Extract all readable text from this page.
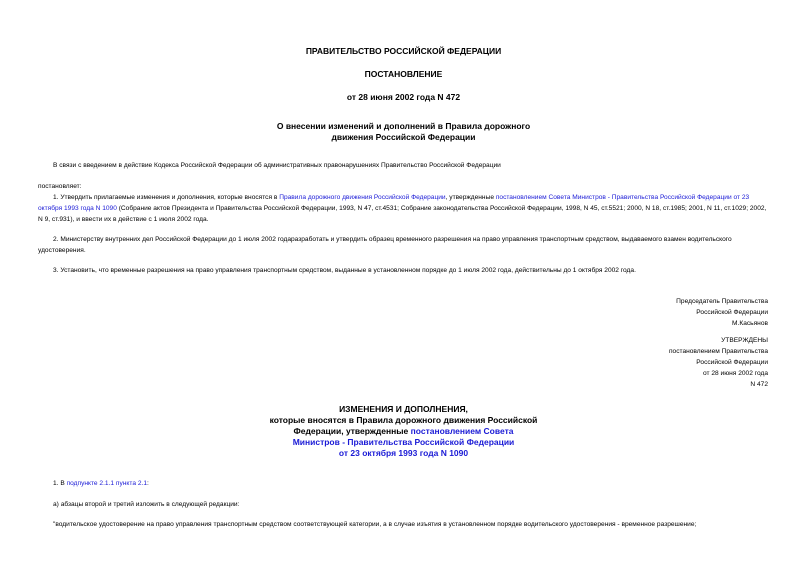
ПРАВИТЕЛЬСТВО РОССИЙСКОЙ ФЕДЕРАЦИИ
ПОСТАНОВЛЕНИЕ
от 28 июня 2002 года N 472
О внесении изменений и дополнений в Правила дорожного
движения Российской Федерации
В связи с введением в действие Кодекса Российской Федерации об административных правонарушениях Правительство Российской Федерации
постановляет:
1. Утвердить прилагаемые изменения и дополнения, которые вносятся в Правила дорожного движения Российской Федерации, утвержденные постановлением Совета Министров - Правительства Российской Федерации от 23 октября 1993 года N 1090 (Собрание актов Президента и Правительства Российской Федерации, 1993, N 47, ст.4531; Собрание законодательства Российской Федерации, 1998, N 45, ст.5521; 2000, N 18, ст.1985; 2001, N 11, ст.1029; 2002, N 9, ст.931), и ввести их в действие с 1 июля 2002 года.
2. Министерству внутренних дел Российской Федерации до 1 июля 2002 годаразработать и утвердить образец временного разрешения на право управления транспортным средством, выдаваемого взамен водительского удостоверения.
3. Установить, что временные разрешения на право управления транспортным средством, выданные в установленном порядке до 1 июля 2002 года, действительны до 1 октября 2002 года.
Председатель Правительства
Российской Федерации
М.Касьянов
УТВЕРЖДЕНЫ
постановлением Правительства
Российской Федерации
от 28 июня 2002 года
N 472
ИЗМЕНЕНИЯ И ДОПОЛНЕНИЯ,
которые вносятся в Правила дорожного движения Российской
Федерации, утвержденные постановлением Совета
Министров - Правительства Российской Федерации
от 23 октября 1993 года N 1090
1. В подпункте 2.1.1 пункта 2.1:
а) абзацы второй и третий изложить в следующей редакции:
"водительское удостоверение на право управления транспортным средством соответствующей категории, а в случае изъятия в установленном порядке водительского удостоверения - временное разрешение;
